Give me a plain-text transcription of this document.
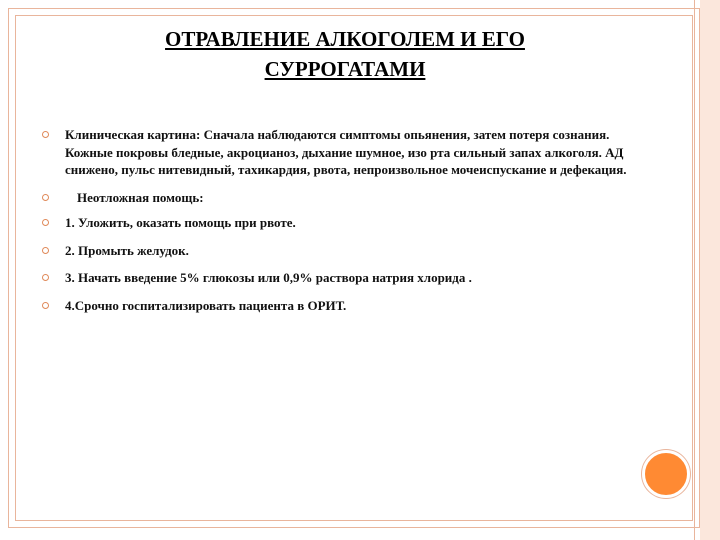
ОТРАВЛЕНИЕ АЛКОГОЛЕМ И ЕГО
СУРРОГАТАМИ
Клиническая картина: Сначала наблюдаются симптомы опьянения, затем потеря сознания. Кожные покровы бледные, акроцианоз, дыхание шумное, изо рта сильный запах алкоголя. АД снижено, пульс нитевидный, тахикардия, рвота, непроизвольное мочеиспускание и дефекация.
Неотложная помощь:
1. Уложить, оказать помощь при рвоте.
2. Промыть желудок.
3. Начать введение 5% глюкозы или 0,9% раствора натрия хлорида .
4.Срочно госпитализировать пациента в ОРИТ.
